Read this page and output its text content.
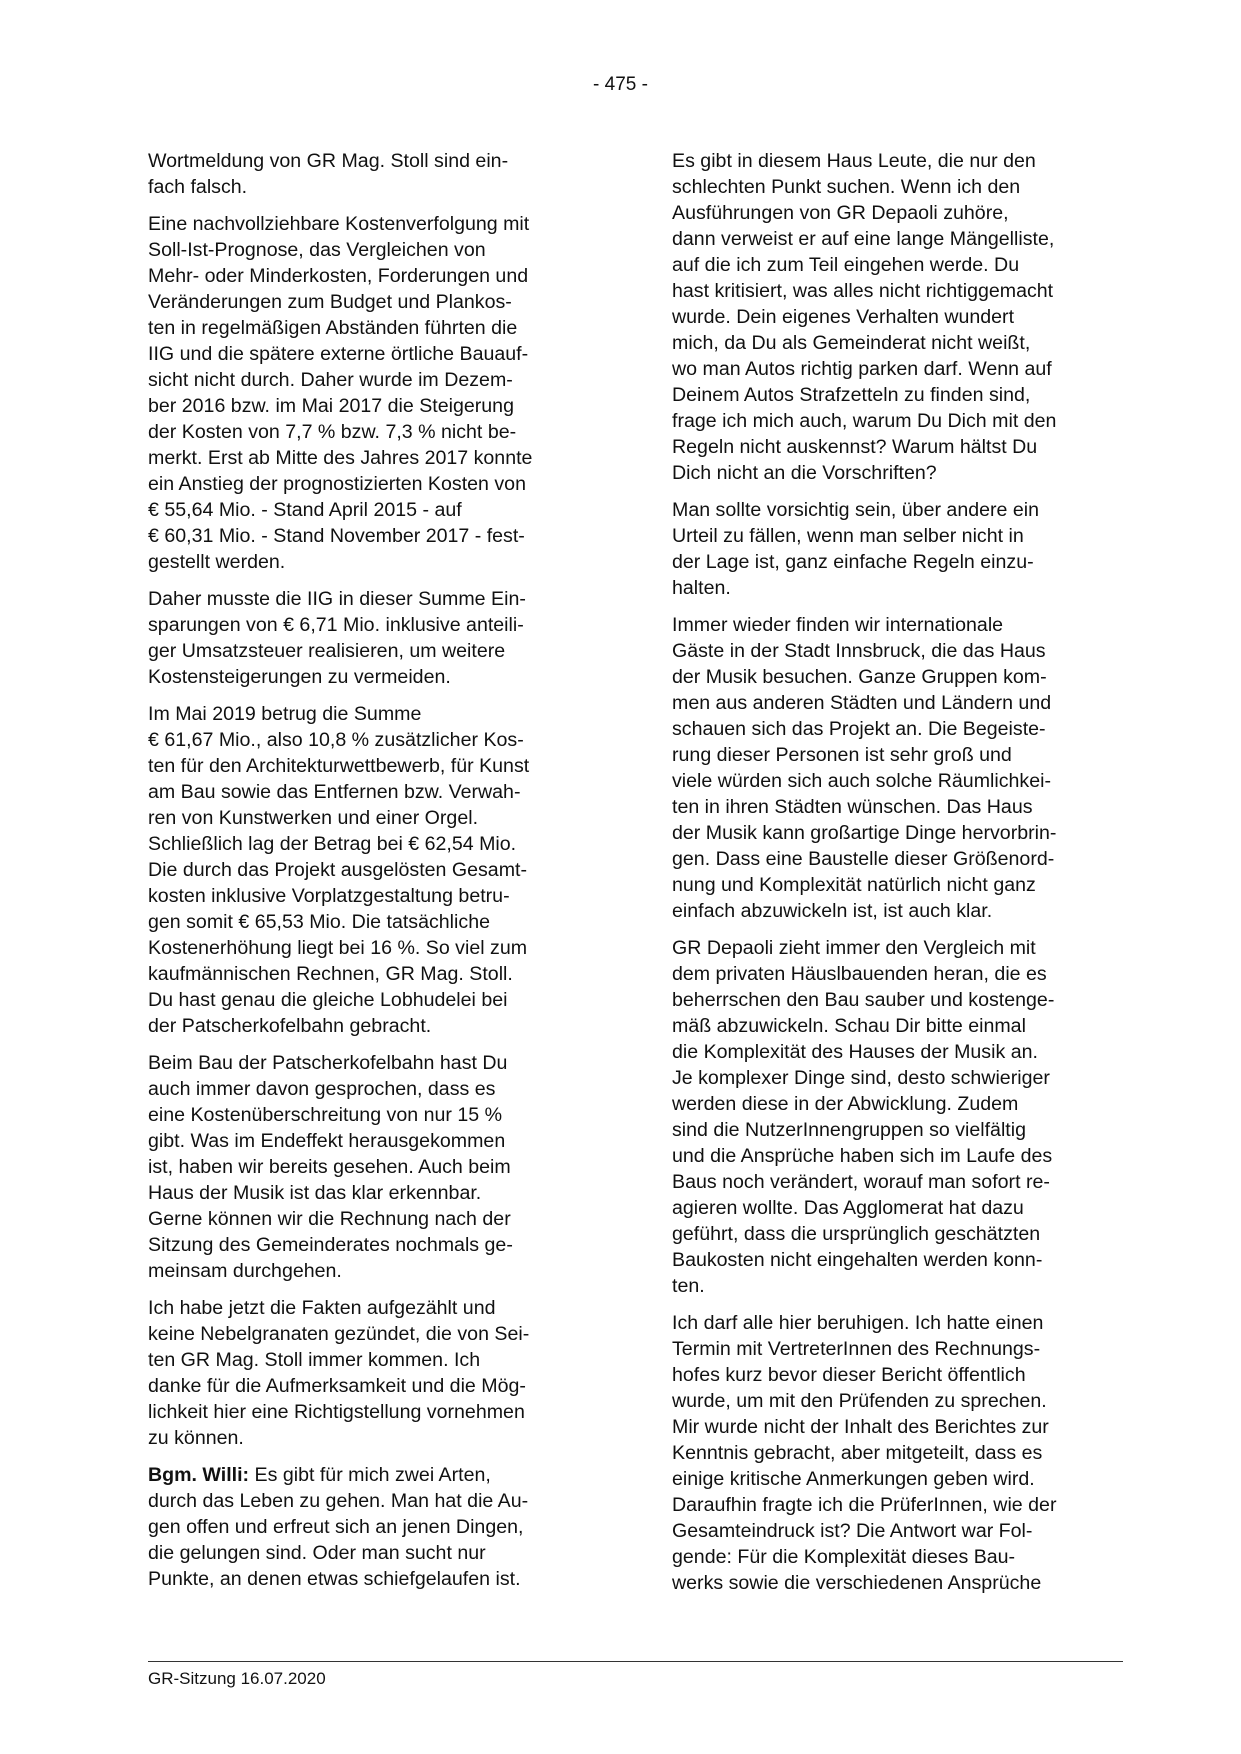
- 475 -

Wortmeldung von GR Mag. Stoll sind ein-
fach falsch.

Eine nachvollziehbare Kostenverfolgung mit
Soll-Ist-Prognose, das Vergleichen von
Mehr- oder Minderkosten, Forderungen und
Veränderungen zum Budget und Plankos-
ten in regelmäßigen Abständen führten die
IIG und die spätere externe örtliche Bauauf-
sicht nicht durch. Daher wurde im Dezem-
ber 2016 bzw. im Mai 2017 die Steigerung
der Kosten von 7,7 % bzw. 7,3 % nicht be-
merkt. Erst ab Mitte des Jahres 2017 konnte
ein Anstieg der prognostizierten Kosten von
€ 55,64 Mio. - Stand April 2015 - auf
€ 60,31 Mio. - Stand November 2017 - fest-
gestellt werden.

Daher musste die IIG in dieser Summe Ein-
sparungen von € 6,71 Mio. inklusive anteili-
ger Umsatzsteuer realisieren, um weitere
Kostensteigerungen zu vermeiden.

Im Mai 2019 betrug die Summe
€ 61,67 Mio., also 10,8 % zusätzlicher Kos-
ten für den Architekturwettbewerb, für Kunst
am Bau sowie das Entfernen bzw. Verwah-
ren von Kunstwerken und einer Orgel.
Schließlich lag der Betrag bei € 62,54 Mio.
Die durch das Projekt ausgelösten Gesamt-
kosten inklusive Vorplatzgestaltung betru-
gen somit € 65,53 Mio. Die tatsächliche
Kostenerhöhung liegt bei 16 %. So viel zum
kaufmännischen Rechnen, GR Mag. Stoll.
Du hast genau die gleiche Lobhudelei bei
der Patscherkofelbahn gebracht.

Beim Bau der Patscherkofelbahn hast Du
auch immer davon gesprochen, dass es
eine Kostenüberschreitung von nur 15 %
gibt. Was im Endeffekt herausgekommen
ist, haben wir bereits gesehen. Auch beim
Haus der Musik ist das klar erkennbar.
Gerne können wir die Rechnung nach der
Sitzung des Gemeinderates nochmals ge-
meinsam durchgehen.

Ich habe jetzt die Fakten aufgezählt und
keine Nebelgranaten gezündet, die von Sei-
ten GR Mag. Stoll immer kommen. Ich
danke für die Aufmerksamkeit und die Mög-
lichkeit hier eine Richtigstellung vornehmen
zu können.

Bgm. Willi: Es gibt für mich zwei Arten,
durch das Leben zu gehen. Man hat die Au-
gen offen und erfreut sich an jenen Dingen,
die gelungen sind. Oder man sucht nur
Punkte, an denen etwas schiefgelaufen ist.

Es gibt in diesem Haus Leute, die nur den
schlechten Punkt suchen. Wenn ich den
Ausführungen von GR Depaoli zuhöre,
dann verweist er auf eine lange Mängelliste,
auf die ich zum Teil eingehen werde. Du
hast kritisiert, was alles nicht richtiggemacht
wurde. Dein eigenes Verhalten wundert
mich, da Du als Gemeinderat nicht weißt,
wo man Autos richtig parken darf. Wenn auf
Deinem Autos Strafzetteln zu finden sind,
frage ich mich auch, warum Du Dich mit den
Regeln nicht auskennst? Warum hältst Du
Dich nicht an die Vorschriften?

Man sollte vorsichtig sein, über andere ein
Urteil zu fällen, wenn man selber nicht in
der Lage ist, ganz einfache Regeln einzu-
halten.

Immer wieder finden wir internationale
Gäste in der Stadt Innsbruck, die das Haus
der Musik besuchen. Ganze Gruppen kom-
men aus anderen Städten und Ländern und
schauen sich das Projekt an. Die Begeiste-
rung dieser Personen ist sehr groß und
viele würden sich auch solche Räumlichkei-
ten in ihren Städten wünschen. Das Haus
der Musik kann großartige Dinge hervorbrin-
gen. Dass eine Baustelle dieser Größenord-
nung und Komplexität natürlich nicht ganz
einfach abzuwickeln ist, ist auch klar.

GR Depaoli zieht immer den Vergleich mit
dem privaten Häuslbauenden heran, die es
beherrschen den Bau sauber und kostenge-
mäß abzuwickeln. Schau Dir bitte einmal
die Komplexität des Hauses der Musik an.
Je komplexer Dinge sind, desto schwieriger
werden diese in der Abwicklung. Zudem
sind die NutzerInnengruppen so vielfältig
und die Ansprüche haben sich im Laufe des
Baus noch verändert, worauf man sofort re-
agieren wollte. Das Agglomerat hat dazu
geführt, dass die ursprünglich geschätzten
Baukosten nicht eingehalten werden konn-
ten.

Ich darf alle hier beruhigen. Ich hatte einen
Termin mit VertreterInnen des Rechnungs-
hofes kurz bevor dieser Bericht öffentlich
wurde, um mit den Prüfenden zu sprechen.
Mir wurde nicht der Inhalt des Berichtes zur
Kenntnis gebracht, aber mitgeteilt, dass es
einige kritische Anmerkungen geben wird.
Daraufhin fragte ich die PrüferInnen, wie der
Gesamteindruck ist? Die Antwort war Fol-
gende: Für die Komplexität dieses Bau-
werks sowie die verschiedenen Ansprüche

GR-Sitzung 16.07.2020
